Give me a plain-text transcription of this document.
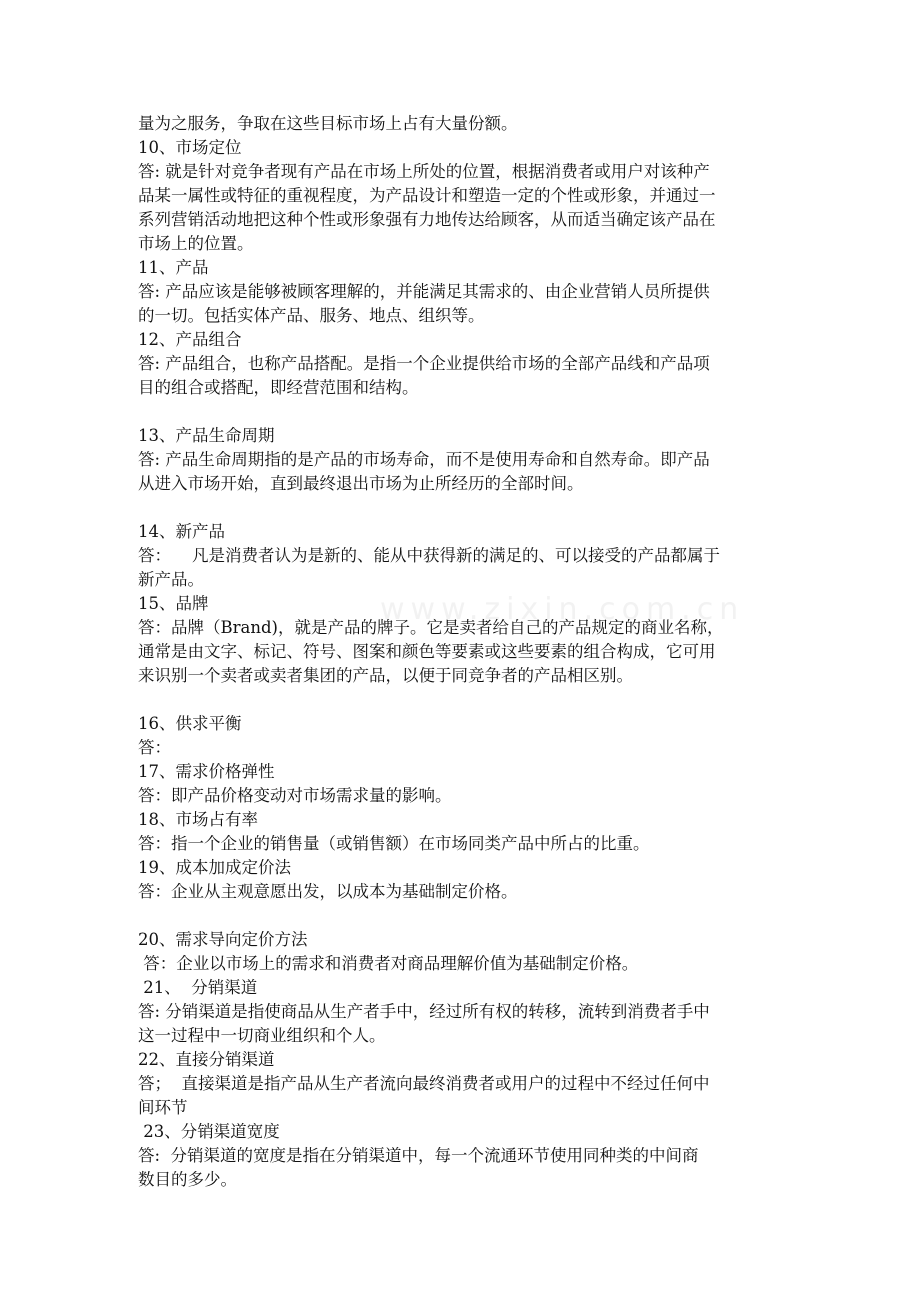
www.zixin.com.cn
量为之服务，争取在这些目标市场上占有大量份额。
10、市场定位
答: 就是针对竞争者现有产品在市场上所处的位置，根据消费者或用户对该种产
品某一属性或特征的重视程度，为产品设计和塑造一定的个性或形象，并通过一
系列营销活动地把这种个性或形象强有力地传达给顾客，从而适当确定该产品在
市场上的位置。
11、产品
答: 产品应该是能够被顾客理解的，并能满足其需求的、由企业营销人员所提供
的一切。包括实体产品、服务、地点、组织等。
12、产品组合
答: 产品组合，也称产品搭配。是指一个企业提供给市场的全部产品线和产品项
目的组合或搭配，即经营范围和结构。
13、产品生命周期
答: 产品生命周期指的是产品的市场寿命，而不是使用寿命和自然寿命。即产品
从进入市场开始，直到最终退出市场为止所经历的全部时间。
14、新产品
答：    凡是消费者认为是新的、能从中获得新的满足的、可以接受的产品都属于
新产品。
15、品牌
答：品牌（Brand)，就是产品的牌子。它是卖者给自己的产品规定的商业名称，
通常是由文字、标记、符号、图案和颜色等要素或这些要素的组合构成，它可用
来识别一个卖者或卖者集团的产品，以便于同竞争者的产品相区别。
16、供求平衡
答：
17、需求价格弹性
答：即产品价格变动对市场需求量的影响。
18、市场占有率
答：指一个企业的销售量（或销售额）在市场同类产品中所占的比重。
19、成本加成定价法
答：企业从主观意愿出发，以成本为基础制定价格。
20、需求导向定价方法
答：企业以市场上的需求和消费者对商品理解价值为基础制定价格。
21、  分销渠道
答: 分销渠道是指使商品从生产者手中，经过所有权的转移，流转到消费者手中
这一过程中一切商业组织和个人。
22、直接分销渠道
答；  直接渠道是指产品从生产者流向最终消费者或用户的过程中不经过任何中
间环节
23、分销渠道宽度
答:  分销渠道的宽度是指在分销渠道中，每一个流通环节使用同种类的中间商
数目的多少。
